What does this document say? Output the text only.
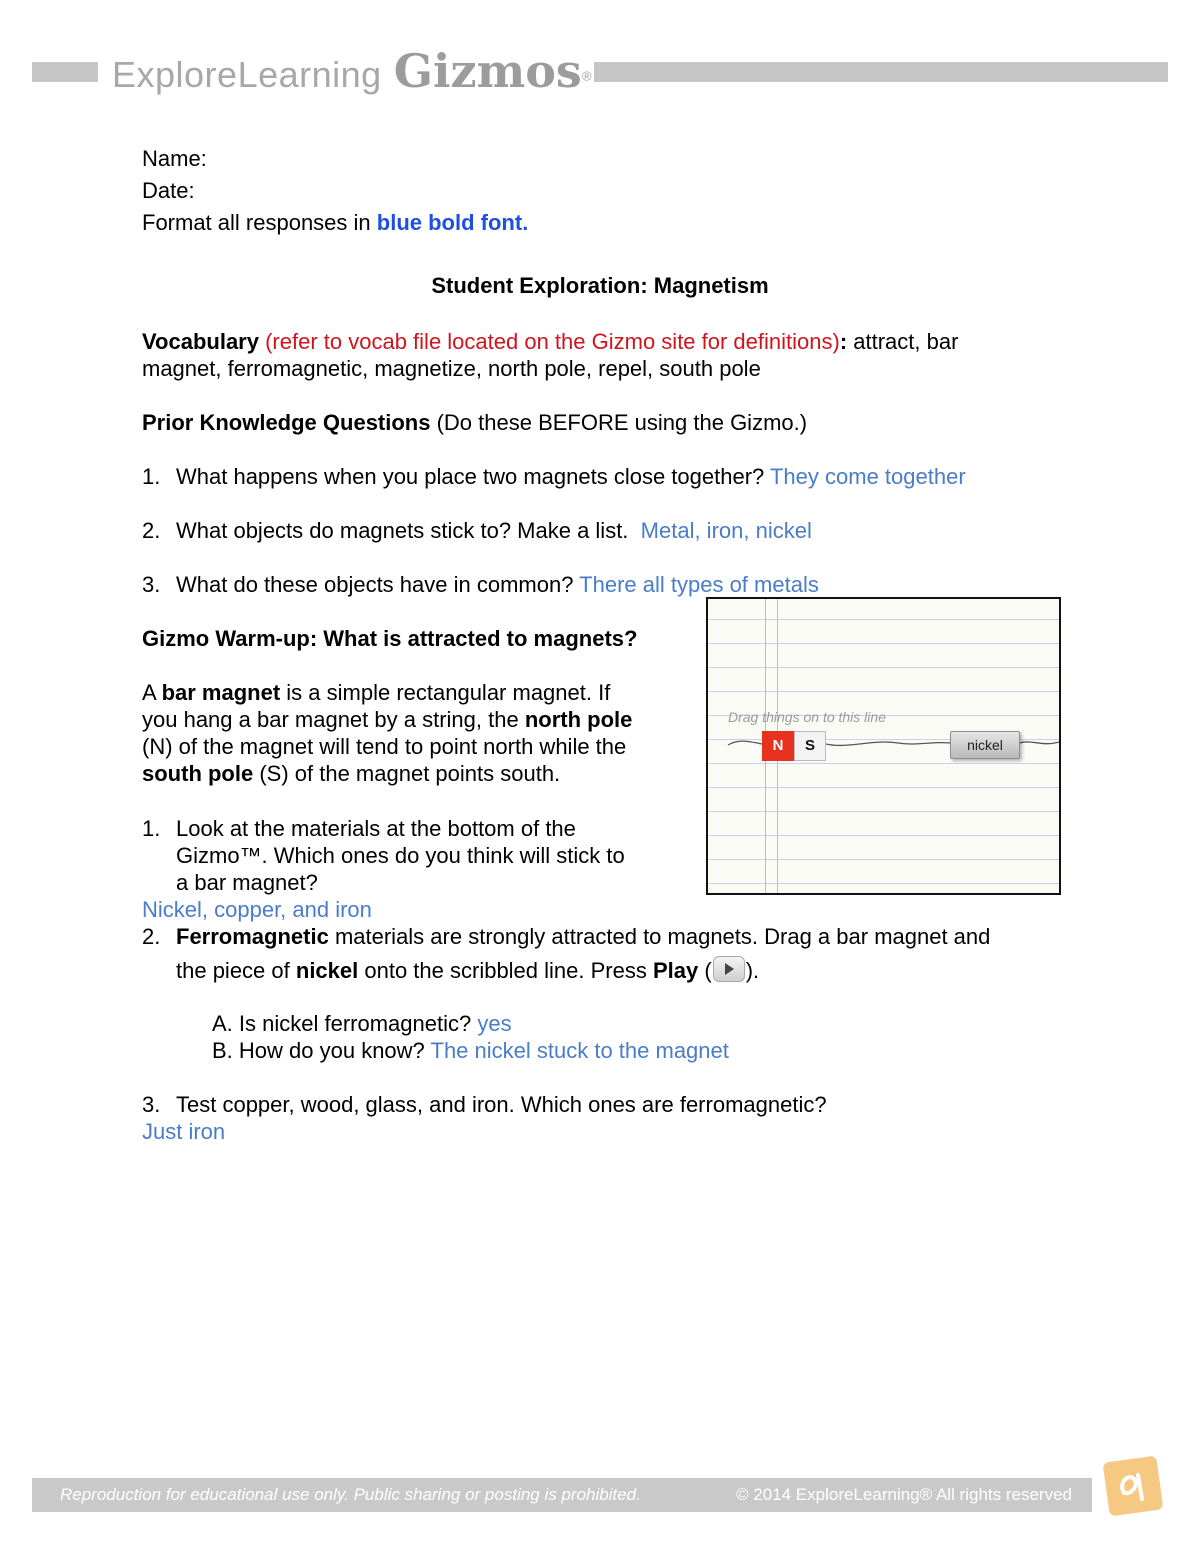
ExploreLearning Gizmos®
Name:
Date:
Format all responses in blue bold font.
Student Exploration: Magnetism
Vocabulary (refer to vocab file located on the Gizmo site for definitions): attract, bar
magnet, ferromagnetic, magnetize, north pole, repel, south pole
Prior Knowledge Questions (Do these BEFORE using the Gizmo.)
1. What happens when you place two magnets close together? They come together
2. What objects do magnets stick to? Make a list. Metal, iron, nickel
3. What do these objects have in common? There all types of metals
Gizmo Warm-up: What is attracted to magnets?
A bar magnet is a simple rectangular magnet. If
you hang a bar magnet by a string, the north pole
(N) of the magnet will tend to point north while the
south pole (S) of the magnet points south.
1. Look at the materials at the bottom of the
Gizmo™. Which ones do you think will stick to
a bar magnet?
Nickel, copper, and iron
2. Ferromagnetic materials are strongly attracted to magnets. Drag a bar magnet and
the piece of nickel onto the scribbled line. Press Play ( ).
A. Is nickel ferromagnetic? yes
B. How do you know? The nickel stuck to the magnet
3. Test copper, wood, glass, and iron. Which ones are ferromagnetic?
Just iron
Drag things on to this line
N	S	nickel
Reproduction for educational use only. Public sharing or posting is prohibited.	© 2014 ExploreLearning® All rights reserved
